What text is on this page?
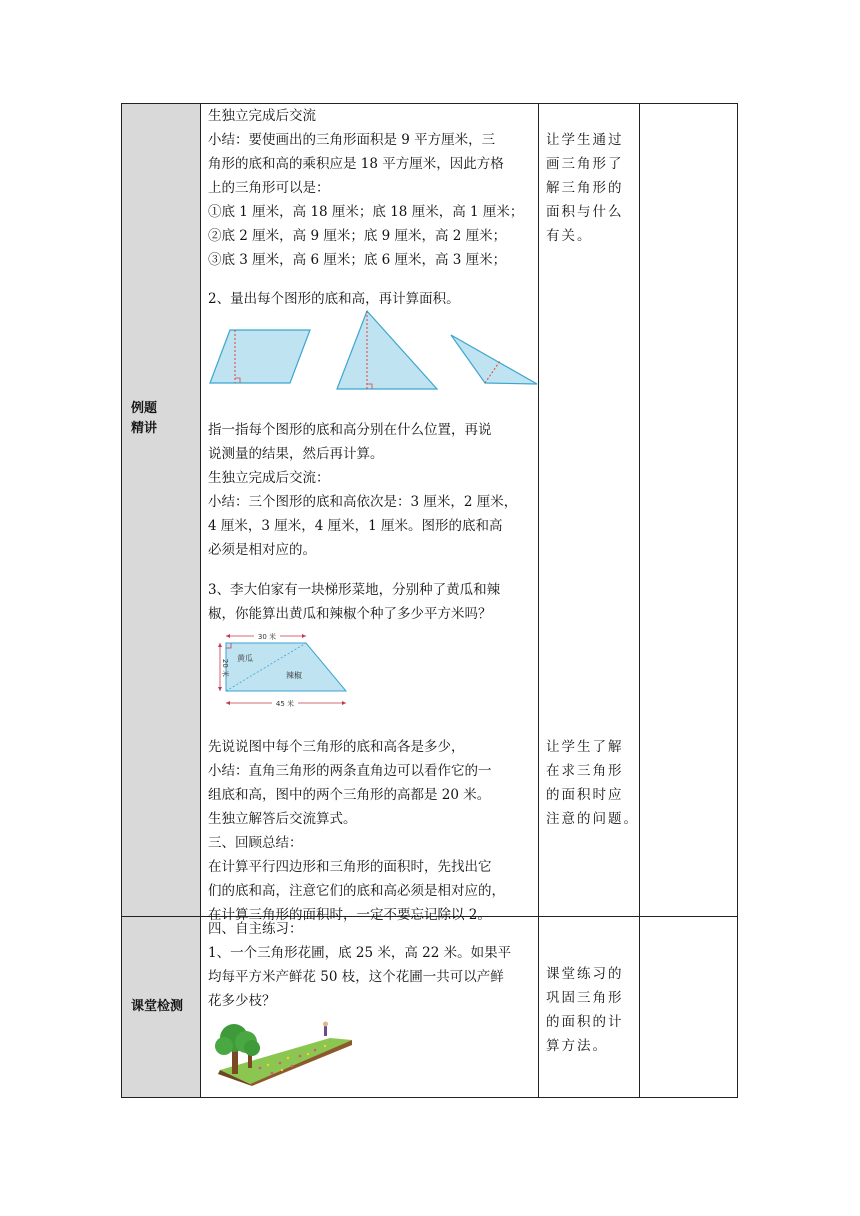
例题

精讲

生独立完成后交流

小结：要使画出的三角形面积是 9 平方厘米，三

角形的底和高的乘积应是 18 平方厘米，因此方格

上的三角形可以是：

①底 1 厘米，高 18 厘米；底 18 厘米，高 1 厘米；

②底 2 厘米，高 9 厘米；底 9 厘米，高 2 厘米；

③底 3 厘米，高 6 厘米；底 6 厘米，高 3 厘米；

2、量出每个图形的底和高，再计算面积。

指一指每个图形的底和高分别在什么位置，再说

说测量的结果，然后再计算。

生独立完成后交流：

小结：三个图形的底和高依次是：3 厘米，2 厘米，

4 厘米，3 厘米，4 厘米，1 厘米。图形的底和高

必须是相对应的。

3、李大伯家有一块梯形菜地，分别种了黄瓜和辣

椒，你能算出黄瓜和辣椒个种了多少平方米吗？

30 米
20 米
黄瓜
辣椒
45 米

先说说图中每个三角形的底和高各是多少，

小结：直角三角形的两条直角边可以看作它的一

组底和高，图中的两个三角形的高都是 20 米。

生独立解答后交流算式。

三、回顾总结：

在计算平行四边形和三角形的面积时，先找出它

们的底和高，注意它们的底和高必须是相对应的，

在计算三角形的面积时，一定不要忘记除以 2。

让学生通过

画三角形了

解三角形的

面积与什么

有关。

让学生了解

在求三角形

的面积时应

注意的问题。

课堂检测

四、自主练习：

1、一个三角形花圃，底 25 米，高 22 米。如果平

均每平方米产鲜花 50 枝，这个花圃一共可以产鲜

花多少枝？

课堂练习的

巩固三角形

的面积的计

算方法。
